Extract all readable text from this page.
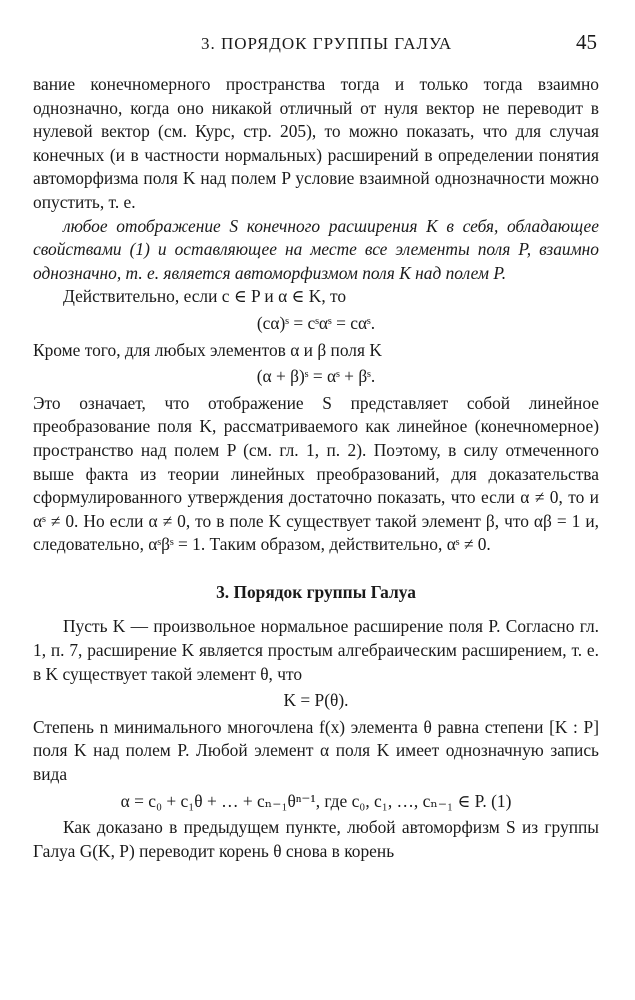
3. ПОРЯДОК ГРУППЫ ГАЛУА	45

вание конечномерного пространства тогда и только тогда взаимно однозначно, когда оно никакой отличный от нуля вектор не переводит в нулевой вектор (см. Курс, стр. 205), то можно показать, что для случая конечных (и в частности нормальных) расширений в определении понятия автоморфизма поля K над полем P условие взаимной однозначности можно опустить, т. е.

любое отображение S конечного расширения K в себя, обладающее свойствами (1) и оставляющее на месте все элементы поля P, взаимно однозначно, т. е. является автоморфизмом поля K над полем P.

Действительно, если c ∈ P и α ∈ K, то

(cα)ˢ = cˢαˢ = cαˢ.

Кроме того, для любых элементов α и β поля K

(α + β)ˢ = αˢ + βˢ.

Это означает, что отображение S представляет собой линейное преобразование поля K, рассматриваемого как линейное (конечномерное) пространство над полем P (см. гл. 1, п. 2). Поэтому, в силу отмеченного выше факта из теории линейных преобразований, для доказательства сформулированного утверждения достаточно показать, что если α ≠ 0, то и αˢ ≠ 0. Но если α ≠ 0, то в поле K существует такой элемент β, что αβ = 1 и, следовательно, αˢβˢ = 1. Таким образом, действительно, αˢ ≠ 0.

3. Порядок группы Галуа

Пусть K — произвольное нормальное расширение поля P. Согласно гл. 1, п. 7, расширение K является простым алгебраическим расширением, т. е. в K существует такой элемент θ, что

K = P(θ).

Степень n минимального многочлена f(x) элемента θ равна степени [K : P] поля K над полем P. Любой элемент α поля K имеет однозначную запись вида

α = c₀ + c₁θ + … + cₙ₋₁θⁿ⁻¹, где c₀, c₁, …, cₙ₋₁ ∈ P. (1)

Как доказано в предыдущем пункте, любой автоморфизм S из группы Галуа G(K, P) переводит корень θ снова в корень
